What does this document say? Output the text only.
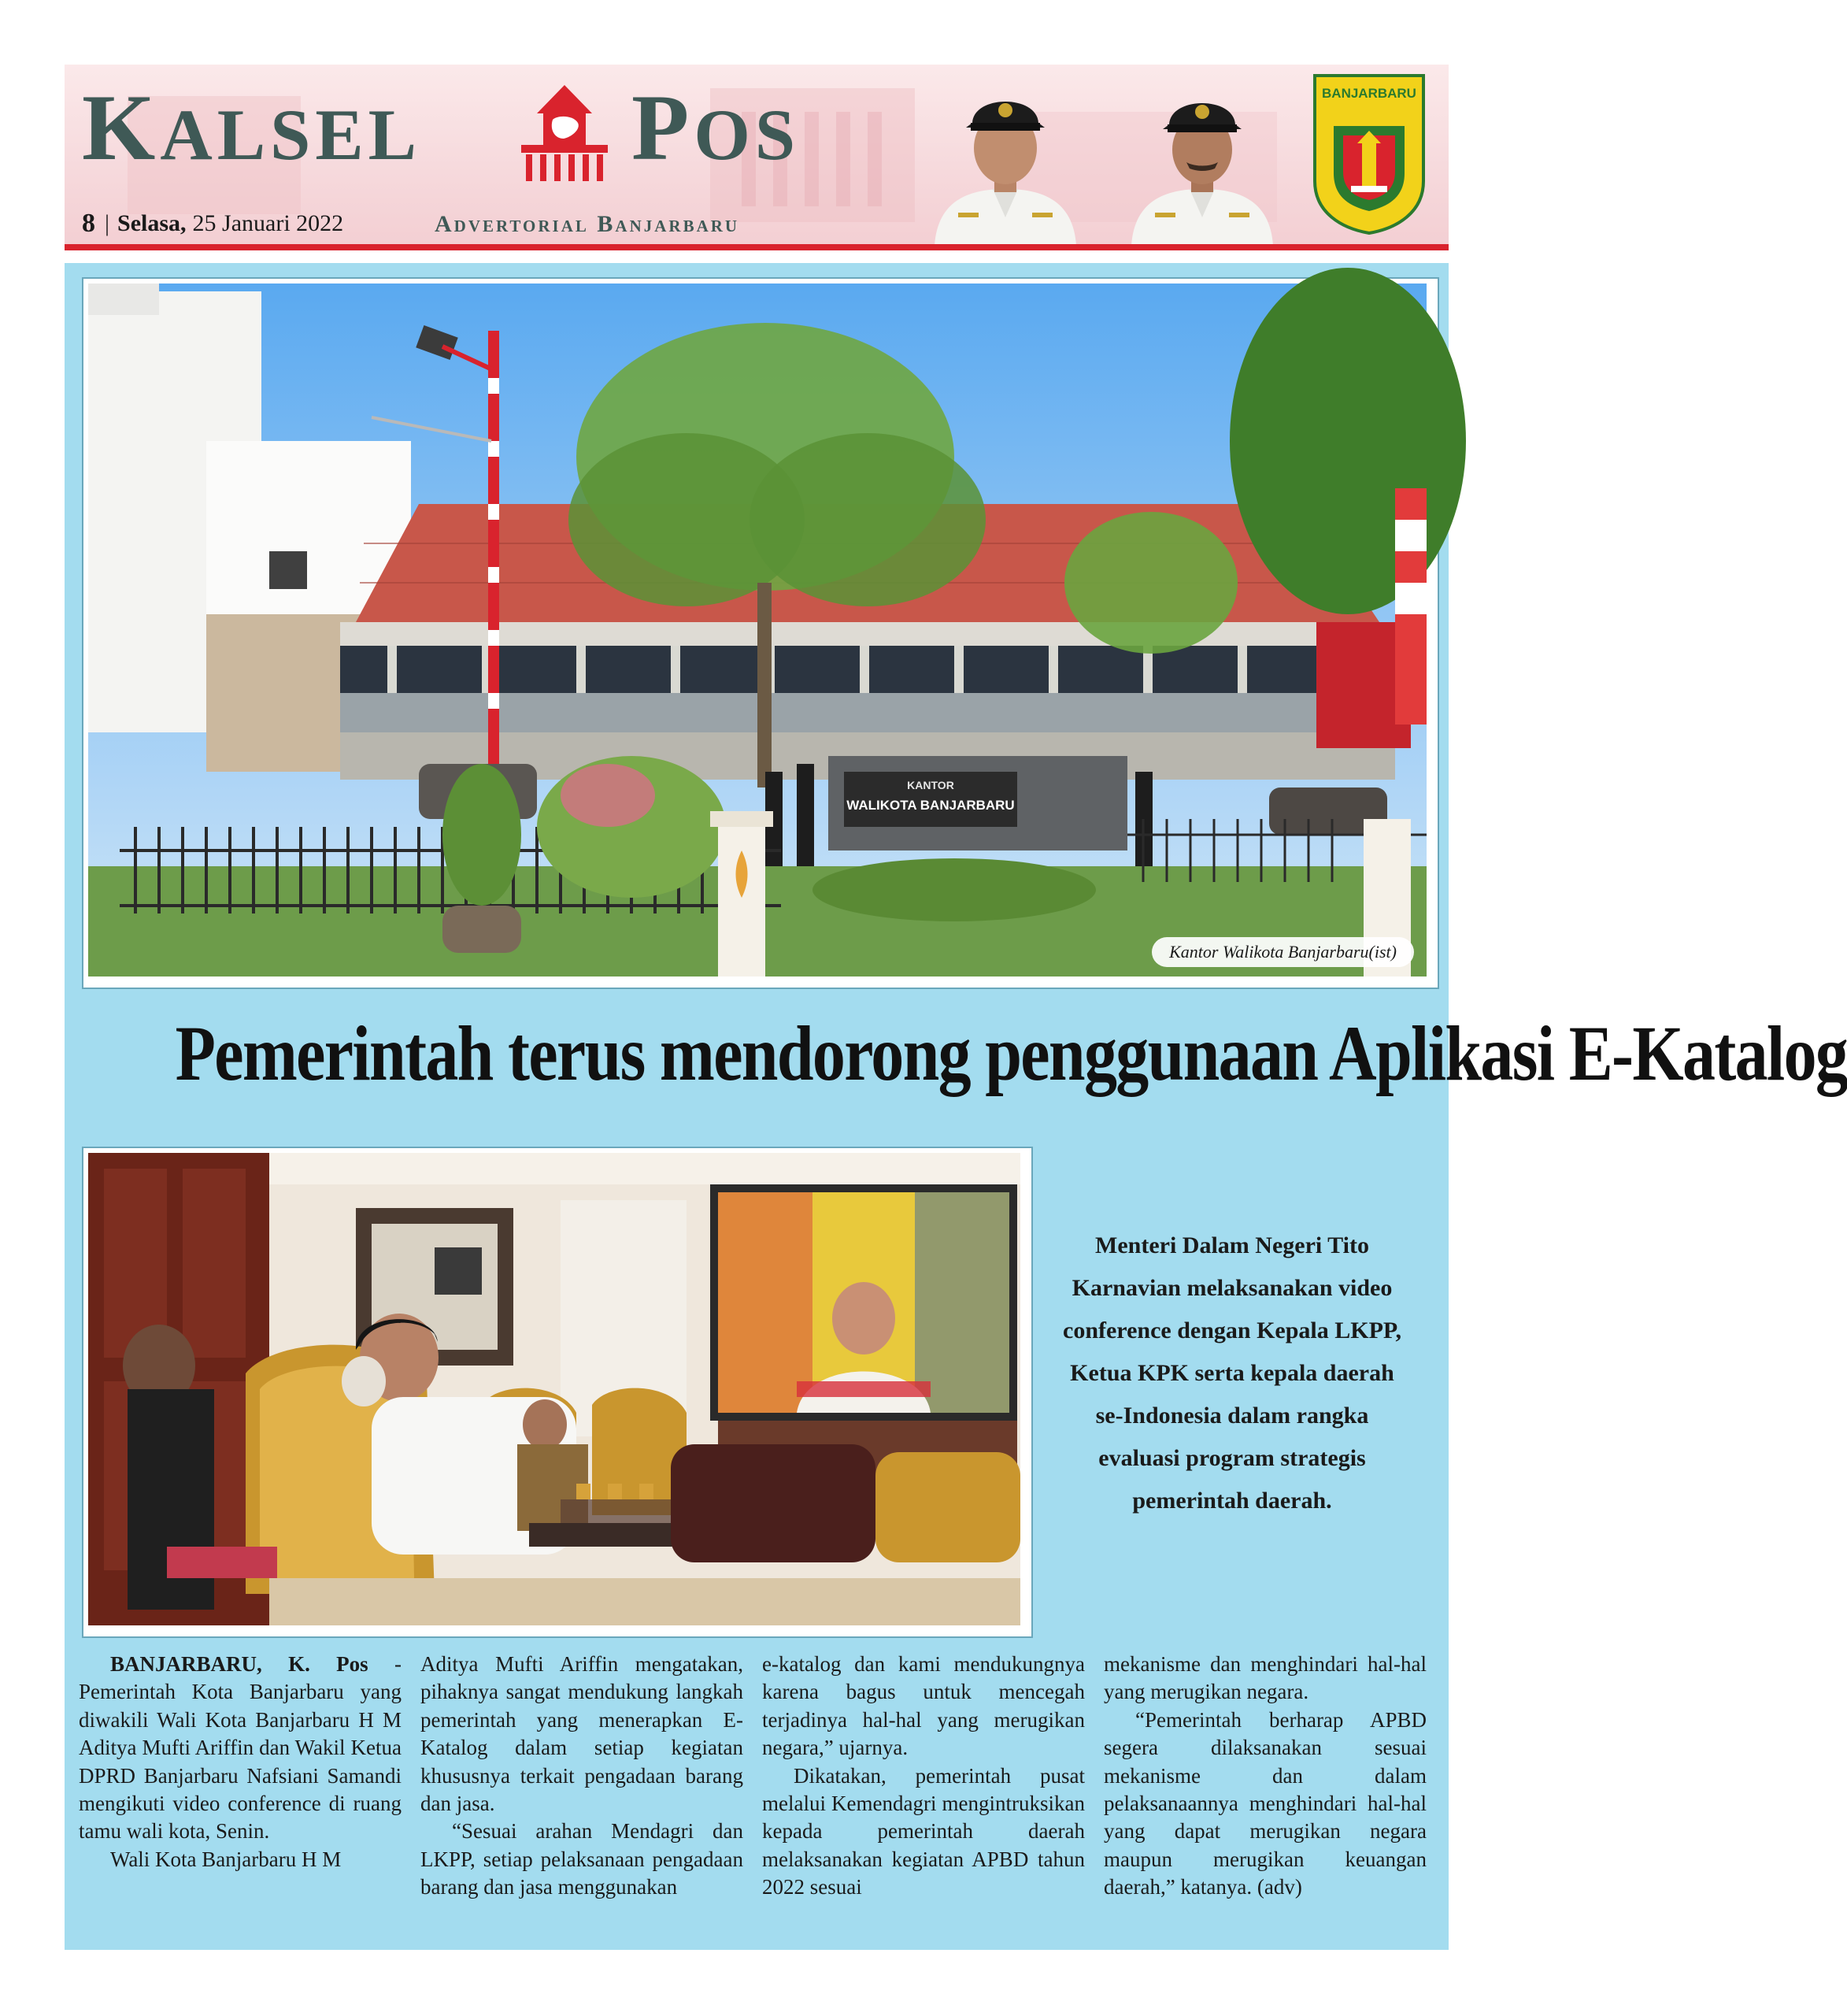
KALSEL POS
8 | Selasa, 25 Januari 2022	Advertorial Banjarbaru
BANJARBARU
KANTOR
WALIKOTA BANJARBARU
Kantor Walikota Banjarbaru(ist)
Pemerintah terus mendorong penggunaan Aplikasi E-Katalog
Menteri Dalam Negeri Tito Karnavian melaksanakan video conference dengan Kepala LKPP, Ketua KPK serta kepala daerah se-Indonesia dalam rangka evaluasi program strategis pemerintah daerah.

BANJARBARU, K. Pos - Pemerintah Kota Banjarbaru yang diwakili Wali Kota Banjarbaru H M Aditya Mufti Ariffin dan Wakil Ketua DPRD Banjarbaru Nafsiani Samandi mengikuti video conference di ruang tamu wali kota, Senin.

Wali Kota Banjarbaru H M

Aditya Mufti Ariffin mengatakan, pihaknya sangat mendukung langkah pemerintah yang menerapkan E-Katalog dalam setiap kegiatan khususnya terkait pengadaan barang dan jasa.

“Sesuai arahan Mendagri dan LKPP, setiap pelaksanaan pengadaan barang dan jasa menggunakan

e-katalog dan kami mendukungnya karena bagus untuk mencegah terjadinya hal-hal yang merugikan negara,” ujarnya.

Dikatakan, pemerintah pusat melalui Kemendagri mengintruksikan kepada pemerintah daerah melaksanakan kegiatan APBD tahun 2022 sesuai

mekanisme dan menghindari hal-hal yang merugikan negara.

“Pemerintah berharap APBD segera dilaksanakan sesuai mekanisme dan dalam pelaksanaannya menghindari hal-hal yang dapat merugikan negara maupun merugikan keuangan daerah,” katanya. (adv)
